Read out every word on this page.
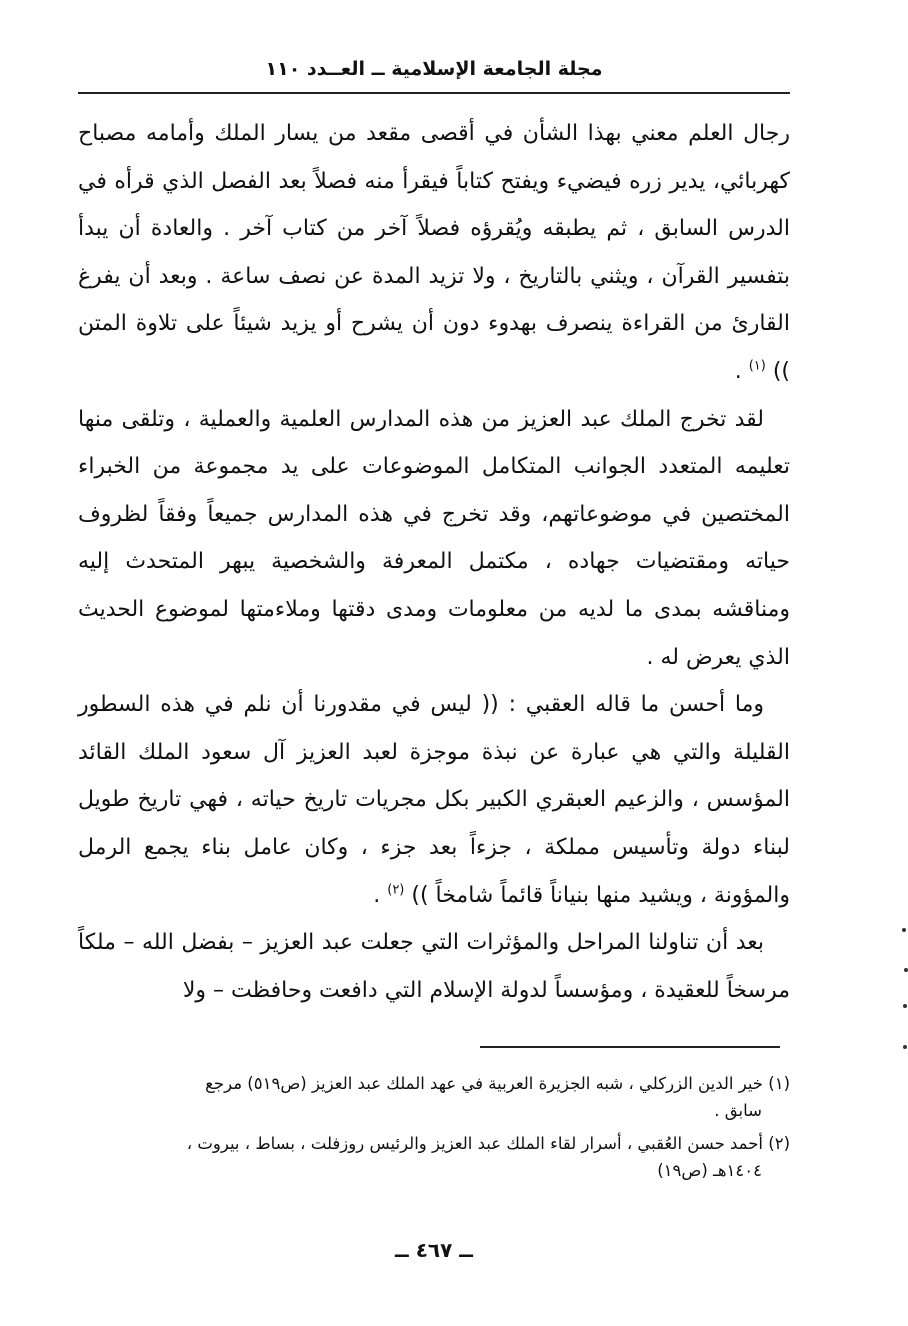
مجلة الجامعة الإسلامية ــ العــدد ١١٠

رجال العلم معني بهذا الشأن في أقصى مقعد من يسار الملك وأمامه مصباح كهربائي، يدير زره فيضيء ويفتح كتاباً فيقرأ منه فصلاً بعد الفصل الذي قرأه في الدرس السابق ، ثم يطبقه ويُقرؤه فصلاً آخر من كتاب آخر . والعادة أن يبدأ بتفسير القرآن ، ويثني بالتاريخ ، ولا تزيد المدة عن نصف ساعة . وبعد أن يفرغ القارئ من القراءة ينصرف بهدوء دون أن يشرح أو يزيد شيئاً على تلاوة المتن )) $^{(١)}$ .

لقد تخرج الملك عبد العزيز من هذه المدارس العلمية والعملية ، وتلقى منها تعليمه المتعدد الجوانب المتكامل الموضوعات على يد مجموعة من الخبراء المختصين في موضوعاتهم، وقد تخرج في هذه المدارس جميعاً وفقاً لظروف حياته ومقتضيات جهاده ، مكتمل المعرفة والشخصية يبهر المتحدث إليه ومناقشه بمدى ما لديه من معلومات ومدى دقتها وملاءمتها لموضوع الحديث الذي يعرض له .

وما أحسن ما قاله العقبي : (( ليس في مقدورنا أن نلم في هذه السطور القليلة والتي هي عبارة عن نبذة موجزة لعبد العزيز آل سعود الملك القائد المؤسس ، والزعيم العبقري الكبير بكل مجريات تاريخ حياته ، فهي تاريخ طويل لبناء دولة وتأسيس مملكة ، جزءاً بعد جزء ، وكان عامل بناء يجمع الرمل والمؤونة ، ويشيد منها بنياناً قائماً شامخاً )) $^{(٢)}$ .

بعد أن تناولنا المراحل والمؤثرات التي جعلت عبد العزيز – بفضل الله – ملكاً مرسخاً للعقيدة ، ومؤسساً لدولة الإسلام التي دافعت وحافظت – ولا

(١) خير الدين الزركلي ، شبه الجزيرة العربية في عهد الملك عبد العزيز (ص٥١٩) مرجع
سابق .

(٢) أحمد حسن العُقبي ، أسرار لقاء الملك عبد العزيز والرئيس روزفلت ، بساط ، بيروت ،
١٤٠٤هـ (ص١٩)

ــ ٤٦٧ ــ
